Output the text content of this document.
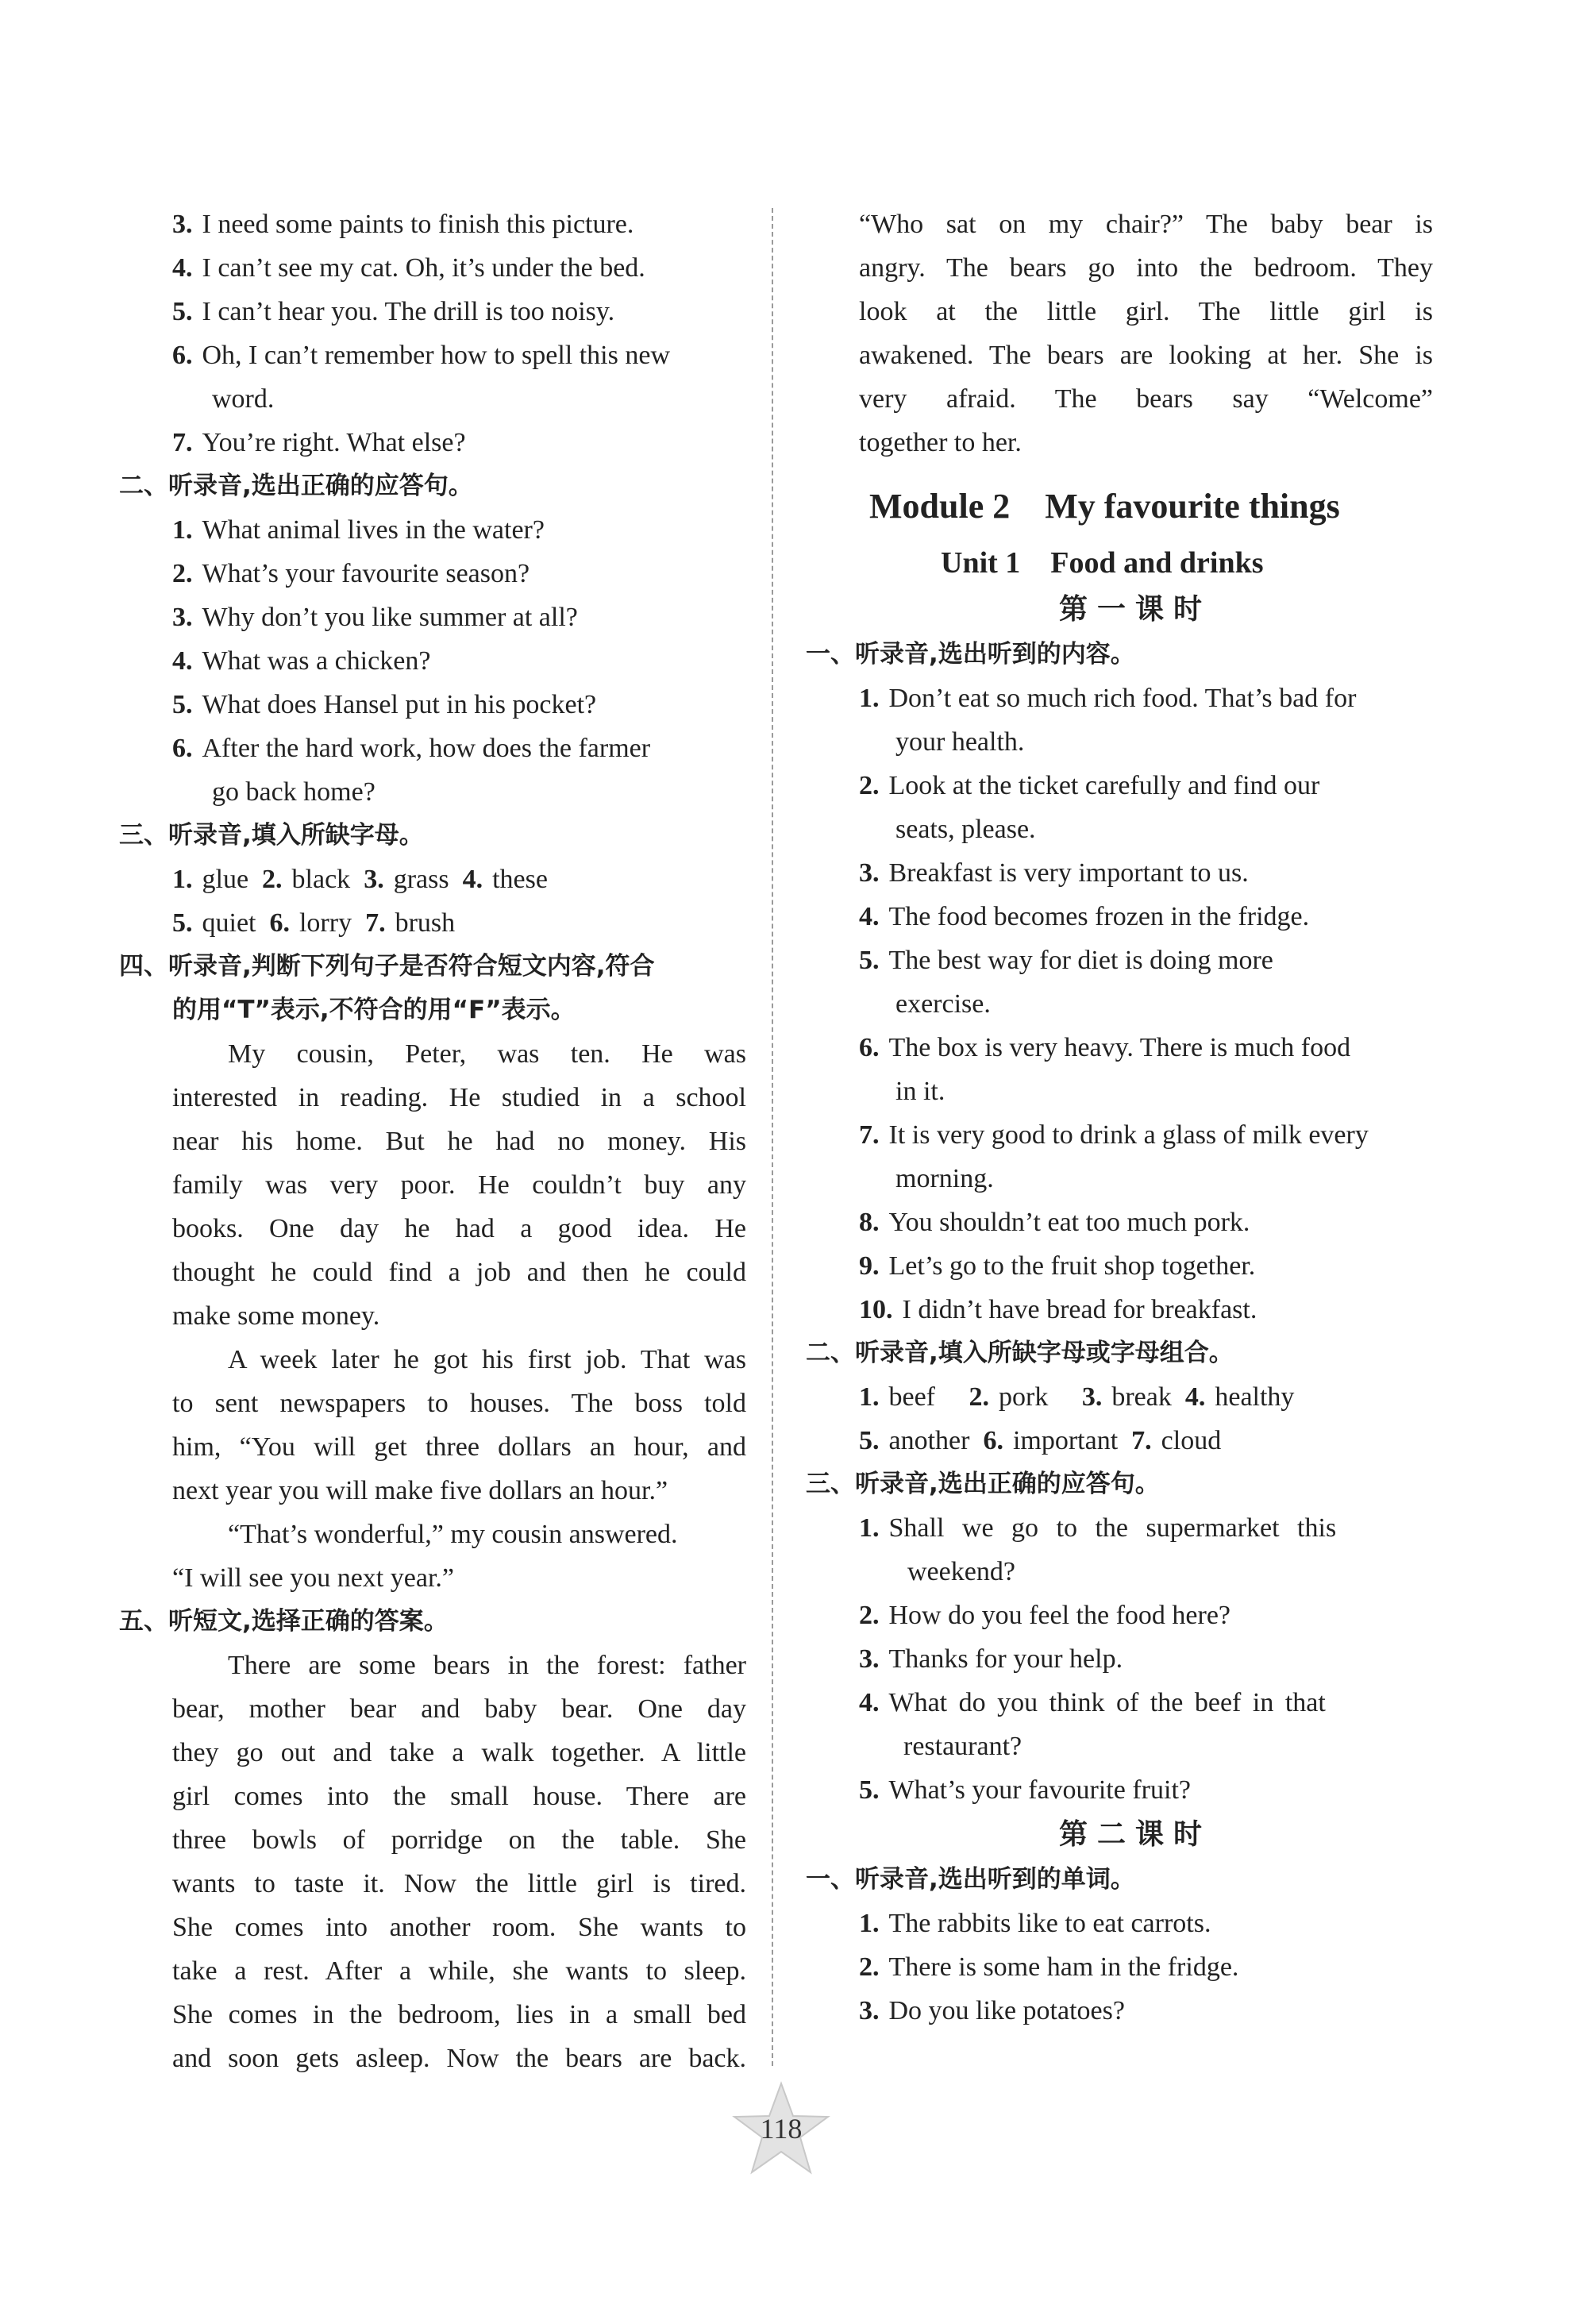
3. I need some paints to finish this picture.
4. I can’t see my cat. Oh, it’s under the bed.
5. I can’t hear you. The drill is too noisy.
6. Oh, I can’t remember how to spell this new
word.
7. You’re right. What else?
二、听录音,选出正确的应答句。
1. What animal lives in the water?
2. What’s your favourite season?
3. Why don’t you like summer at all?
4. What was a chicken?
5. What does Hansel put in his pocket?
6. After the hard work, how does the farmer
go back home?
三、听录音,填入所缺字母。
1. glue 2. black 3. grass 4. these
5. quiet 6. lorry 7. brush
四、听录音,判断下列句子是否符合短文内容,符合
的用“T”表示,不符合的用“F”表示。
My cousin, Peter, was ten. He was
interested in reading. He studied in a school
near his home. But he had no money. His
family was very poor. He couldn’t buy any
books. One day he had a good idea. He
thought he could find a job and then he could
make some money.
A week later he got his first job. That was
to sent newspapers to houses. The boss told
him, “You will get three dollars an hour, and
next year you will make five dollars an hour.”
“That’s wonderful,” my cousin answered.
“I will see you next year.”
五、听短文,选择正确的答案。
There are some bears in the forest: father
bear, mother bear and baby bear. One day
they go out and take a walk together. A little
girl comes into the small house. There are
three bowls of porridge on the table. She
wants to taste it. Now the little girl is tired.
She comes into another room. She wants to
take a rest. After a while, she wants to sleep.
She comes in the bedroom, lies in a small bed
and soon gets asleep. Now the bears are back.
“Who sat on my chair?” The baby bear is
angry. The bears go into the bedroom. They
look at the little girl. The little girl is
awakened. The bears are looking at her. She is
very afraid. The bears say “Welcome”
together to her.
Module 2    My favourite things
Unit 1    Food and drinks
第一课时
一、听录音,选出听到的内容。
1. Don’t eat so much rich food. That’s bad for
your health.
2. Look at the ticket carefully and find our
seats, please.
3. Breakfast is very important to us.
4. The food becomes frozen in the fridge.
5. The best way for diet is doing more
exercise.
6. The box is very heavy. There is much food
in it.
7. It is very good to drink a glass of milk every
morning.
8. You shouldn’t eat too much pork.
9. Let’s go to the fruit shop together.
10. I didn’t have bread for breakfast.
二、听录音,填入所缺字母或字母组合。
1. beef 2. pork 3. break 4. healthy
5. another 6. important 7. cloud
三、听录音,选出正确的应答句。
1. Shall we go to the supermarket this
weekend?
2. How do you feel the food here?
3. Thanks for your help.
4. What do you think of the beef in that
restaurant?
5. What’s your favourite fruit?
第二课时
一、听录音,选出听到的单词。
1. The rabbits like to eat carrots.
2. There is some ham in the fridge.
3. Do you like potatoes?
118
